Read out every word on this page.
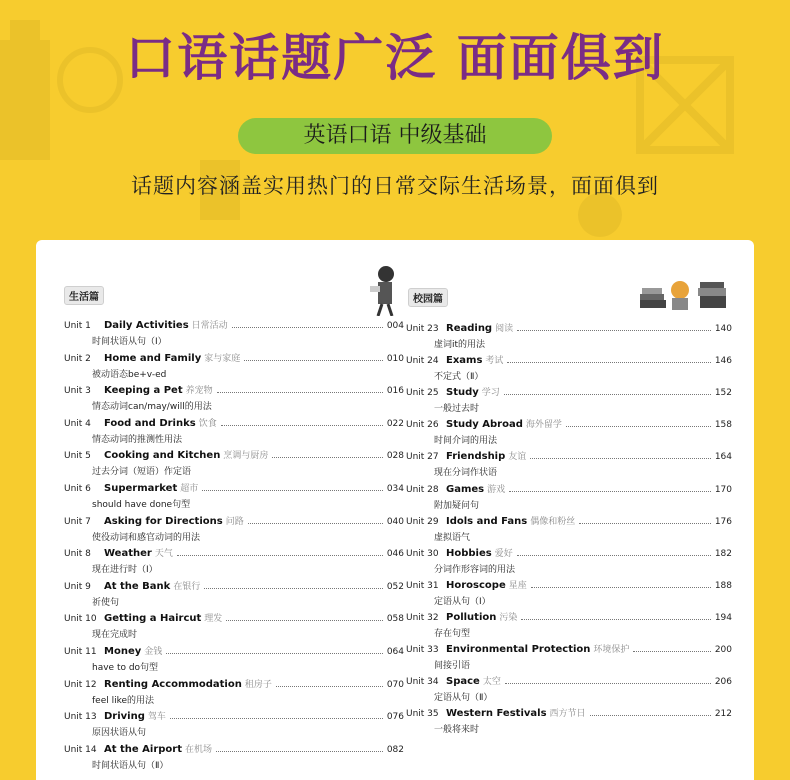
口语话题广泛 面面俱到
英语口语 中级基础
话题内容涵盖实用热门的日常交际生活场景，面面俱到
生活篇
Unit 1	Daily Activities 日常活动	004
时间状语从句（Ⅰ）
Unit 2	Home and Family 家与家庭	010
被动语态be+v-ed
Unit 3	Keeping a Pet 养宠物	016
情态动词can/may/will的用法
Unit 4	Food and Drinks 饮食	022
情态动词的推测性用法
Unit 5	Cooking and Kitchen 烹调与厨房	028
过去分词（短语）作定语
Unit 6	Supermarket 超市	034
should have done句型
Unit 7	Asking for Directions 问路	040
使役动词和感官动词的用法
Unit 8	Weather 天气	046
现在进行时（Ⅰ）
Unit 9	At the Bank 在银行	052
祈使句
Unit 10 Getting a Haircut 理发	058
现在完成时
Unit 11 Money 金钱	064
have to do句型
Unit 12 Renting Accommodation 租房子	070
feel like的用法
Unit 13 Driving 驾车	076
原因状语从句
Unit 14 At the Airport 在机场	082
时间状语从句（Ⅱ）
校园篇
Unit 23 Reading 阅读	140
虚词it的用法
Unit 24 Exams 考试	146
不定式（Ⅱ）
Unit 25 Study 学习	152
一般过去时
Unit 26 Study Abroad 海外留学	158
时间介词的用法
Unit 27 Friendship 友谊	164
现在分词作状语
Unit 28 Games 游戏	170
附加疑问句
Unit 29 Idols and Fans 偶像和粉丝	176
虚拟语气
Unit 30 Hobbies 爱好	182
分词作形容词的用法
Unit 31 Horoscope 星座	188
定语从句（Ⅰ）
Unit 32 Pollution 污染	194
存在句型
Unit 33 Environmental Protection 环境保护	200
间接引语
Unit 34 Space 太空	206
定语从句（Ⅱ）
Unit 35 Western Festivals 西方节日	212
一般将来时
